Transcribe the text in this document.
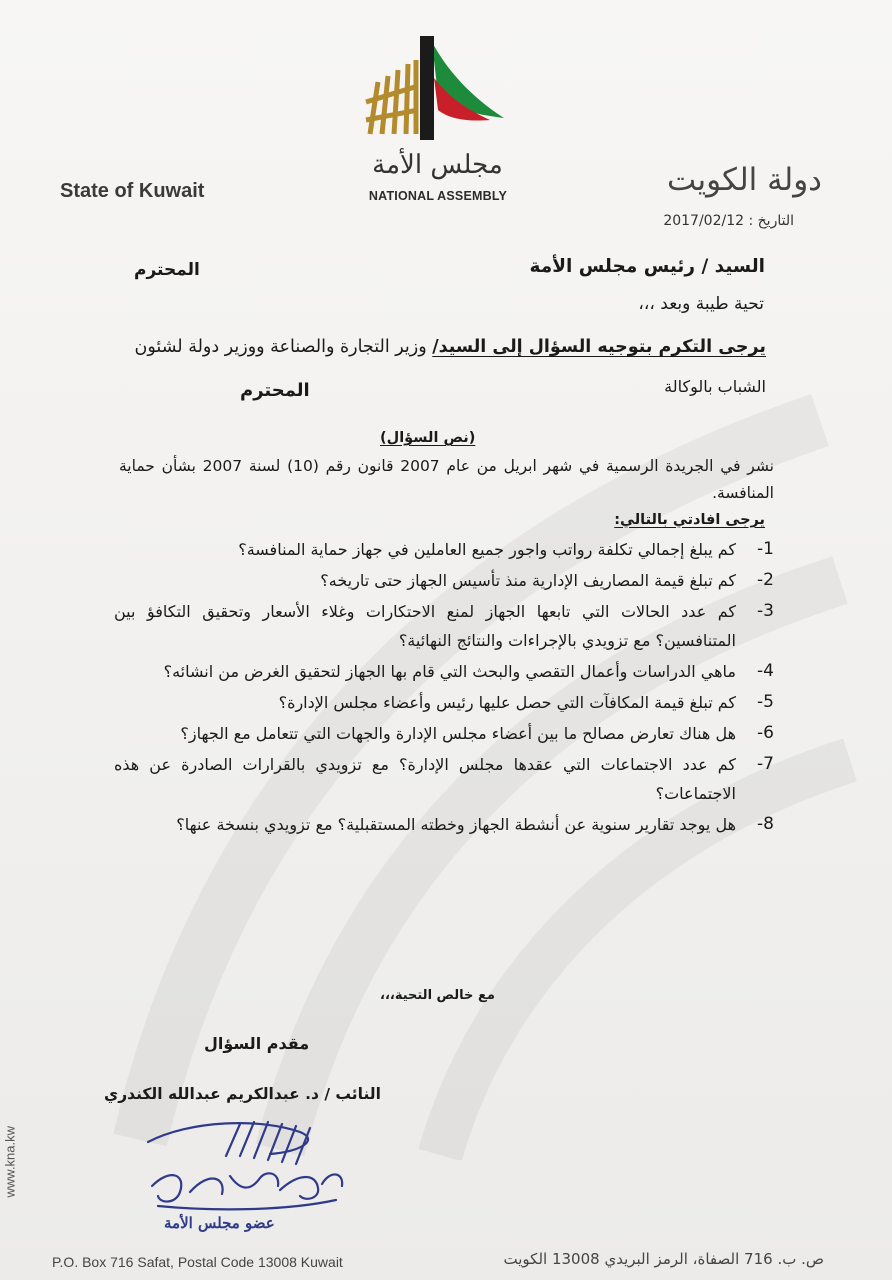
مجلس الأمة
NATIONAL ASSEMBLY
State of Kuwait	دولة الكويت
التاريخ : 2017/02/12
السيد / رئيس مجلس الأمة
المحترم
تحية طيبة وبعد ،،،
يرجى التكرم بتوجيه السؤال إلى السيد/ وزير التجارة والصناعة ووزير دولة لشئون
الشباب بالوكالة
المحترم
(نص السؤال)
نشر في الجريدة الرسمية في شهر ابريل من عام 2007 قانون رقم (10) لسنة 2007 بشأن حماية المنافسة.
يرجى افادتي بالتالي:
-1
كم يبلغ إجمالي تكلفة رواتب واجور جميع العاملين في جهاز حماية المنافسة؟
-2
كم تبلغ قيمة المصاريف الإدارية منذ تأسيس الجهاز حتى تاريخه؟
-3
كم عدد الحالات التي تابعها الجهاز لمنع الاحتكارات وغلاء الأسعار وتحقيق التكافؤ بين المتنافسين؟ مع تزويدي بالإجراءات والنتائج النهائية؟
-4
ماهي الدراسات وأعمال التقصي والبحث التي قام بها الجهاز لتحقيق الغرض من انشائه؟
-5
كم تبلغ قيمة المكافآت التي حصل عليها رئيس وأعضاء مجلس الإدارة؟
-6
هل هناك تعارض مصالح ما بين أعضاء مجلس الإدارة والجهات التي تتعامل مع الجهاز؟
-7
كم عدد الاجتماعات التي عقدها مجلس الإدارة؟ مع تزويدي بالقرارات الصادرة عن هذه الاجتماعات؟
-8
هل يوجد تقارير سنوية عن أنشطة الجهاز وخطته المستقبلية؟ مع تزويدي بنسخة عنها؟
مع خالص التحية،،،
مقدم السؤال
النائب / د. عبدالكريم عبدالله الكندري
عضو مجلس الأمة
www.kna.kw
P.O. Box 716 Safat, Postal Code 13008 Kuwait	ص. ب. 716 الصفاة، الرمز البريدي 13008 الكويت
